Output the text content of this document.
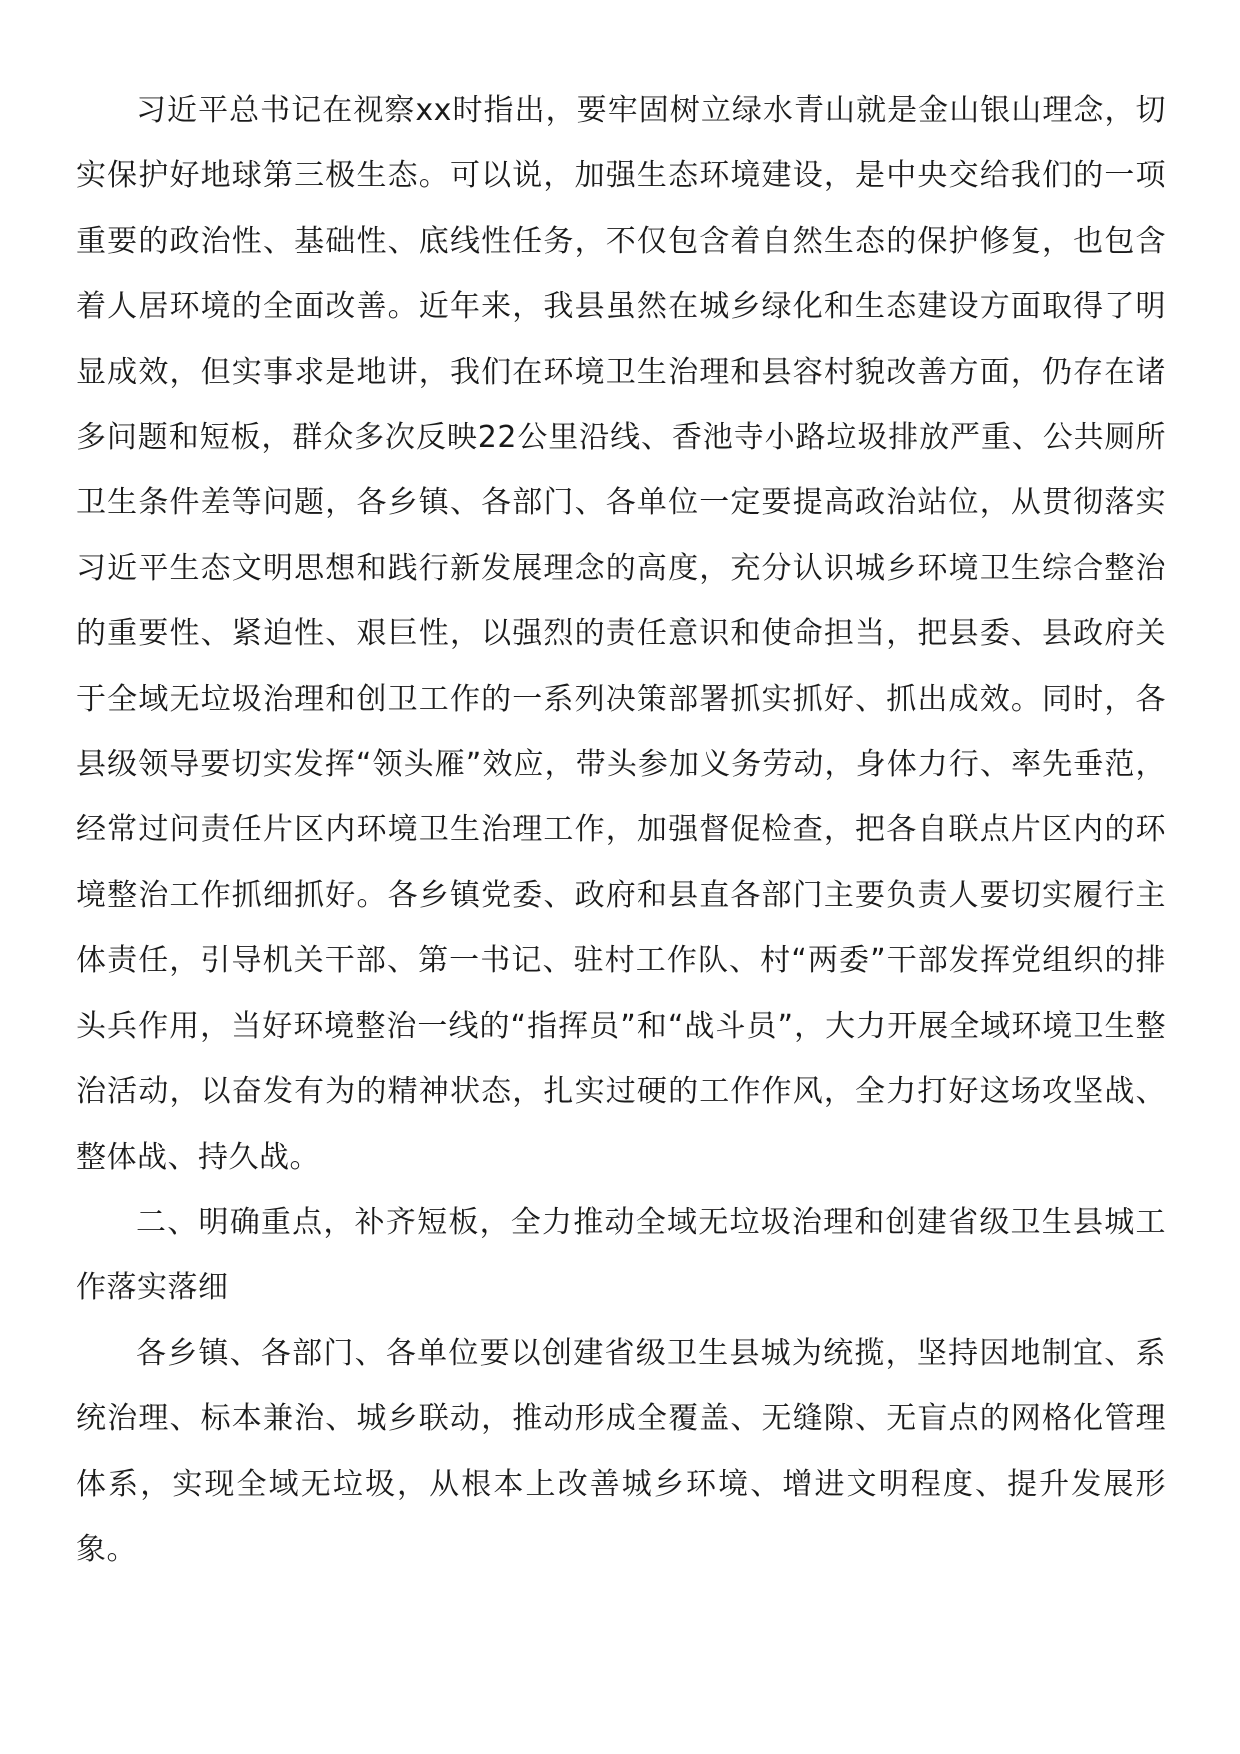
习近平总书记在视察xx时指出，要牢固树立绿水青山就是金山银山理念，切实保护好地球第三极生态。可以说，加强生态环境建设，是中央交给我们的一项重要的政治性、基础性、底线性任务，不仅包含着自然生态的保护修复，也包含着人居环境的全面改善。近年来，我县虽然在城乡绿化和生态建设方面取得了明显成效，但实事求是地讲，我们在环境卫生治理和县容村貌改善方面，仍存在诸多问题和短板，群众多次反映22公里沿线、香池寺小路垃圾排放严重、公共厕所卫生条件差等问题，各乡镇、各部门、各单位一定要提高政治站位，从贯彻落实习近平生态文明思想和践行新发展理念的高度，充分认识城乡环境卫生综合整治的重要性、紧迫性、艰巨性，以强烈的责任意识和使命担当，把县委、县政府关于全域无垃圾治理和创卫工作的一系列决策部署抓实抓好、抓出成效。同时，各县级领导要切实发挥“领头雁”效应，带头参加义务劳动，身体力行、率先垂范，经常过问责任片区内环境卫生治理工作，加强督促检查，把各自联点片区内的环境整治工作抓细抓好。各乡镇党委、政府和县直各部门主要负责人要切实履行主体责任，引导机关干部、第一书记、驻村工作队、村“两委”干部发挥党组织的排头兵作用，当好环境整治一线的“指挥员”和“战斗员”，大力开展全域环境卫生整治活动，以奋发有为的精神状态，扎实过硬的工作作风，全力打好这场攻坚战、整体战、持久战。

二、明确重点，补齐短板，全力推动全域无垃圾治理和创建省级卫生县城工作落实落细

各乡镇、各部门、各单位要以创建省级卫生县城为统揽，坚持因地制宜、系统治理、标本兼治、城乡联动，推动形成全覆盖、无缝隙、无盲点的网格化管理体系，实现全域无垃圾，从根本上改善城乡环境、增进文明程度、提升发展形象。
